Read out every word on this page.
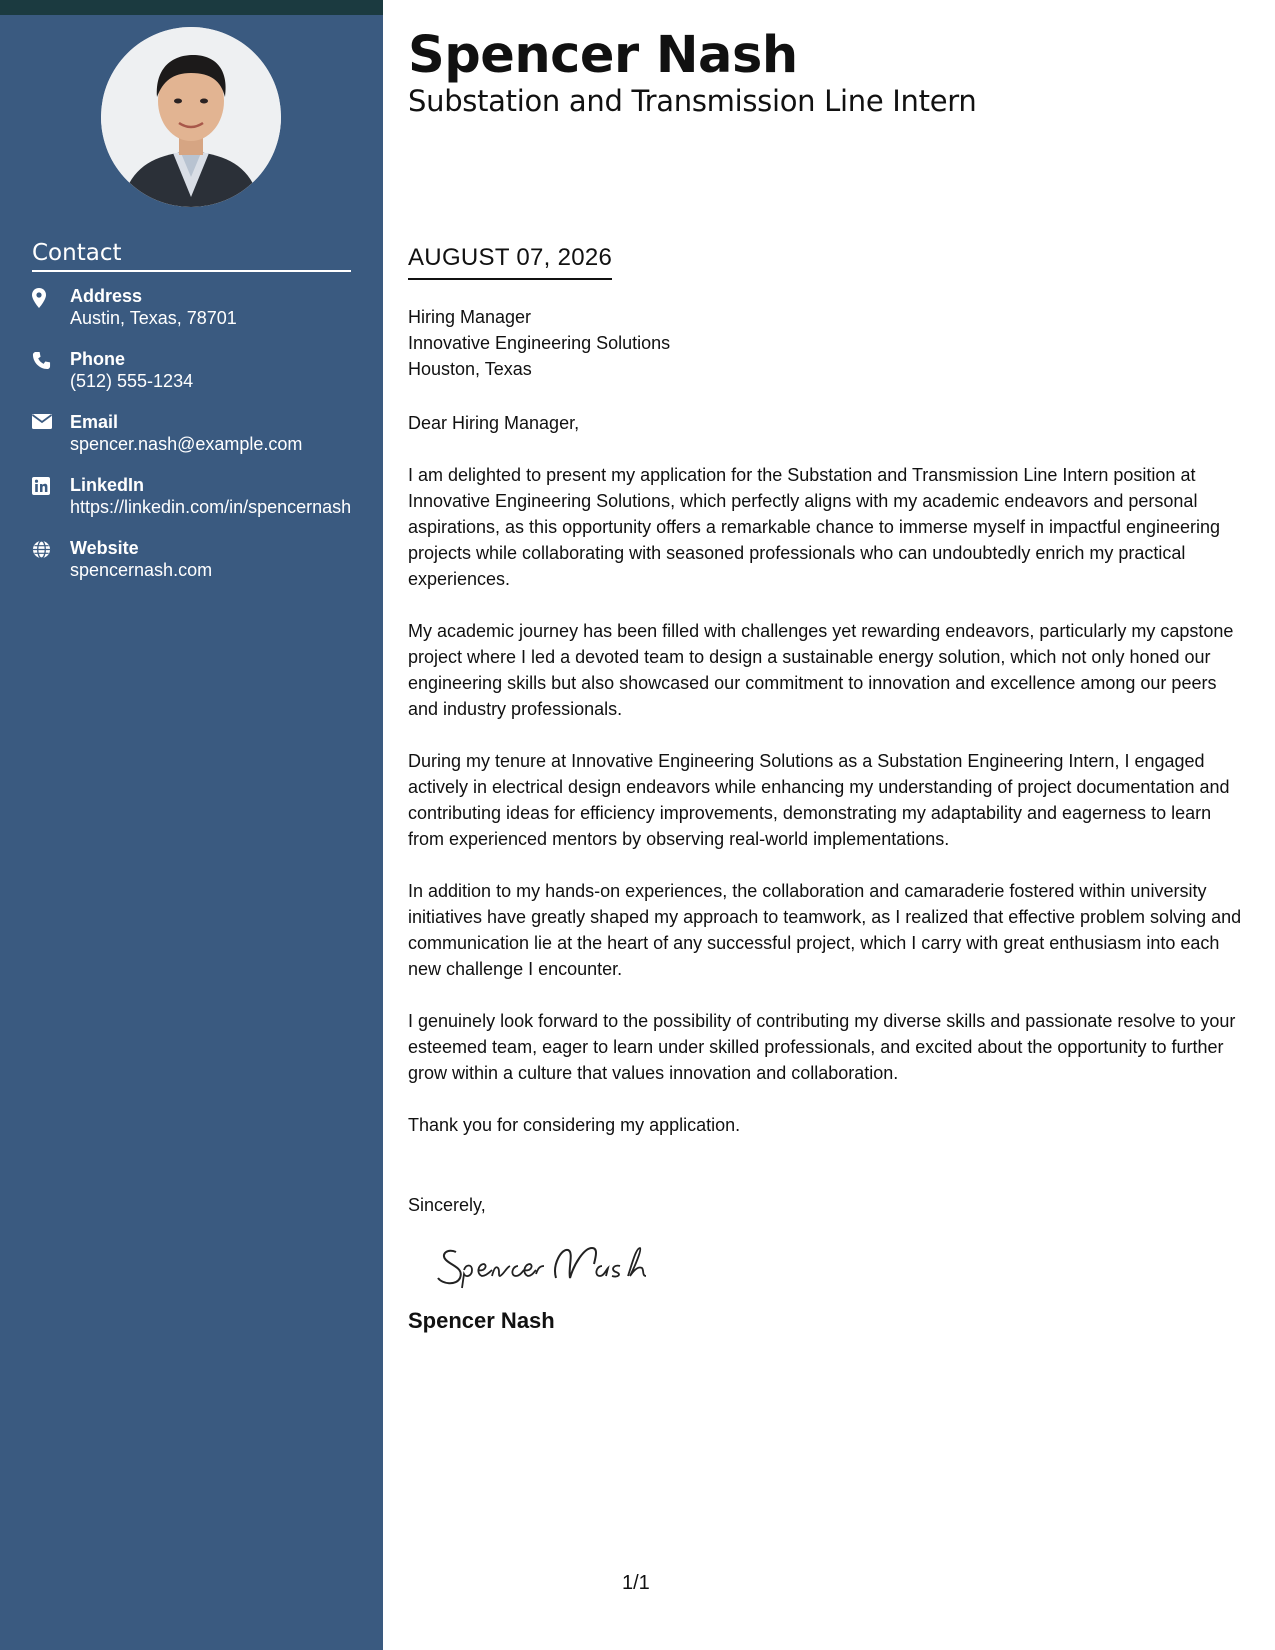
Contact
Address
Austin, Texas, 78701
Phone
(512) 555-1234
Email
spencer.nash@example.com
LinkedIn
https://linkedin.com/in/spencernash
Website
spencernash.com
Spencer Nash
Substation and Transmission Line Intern
AUGUST 07, 2026
Hiring Manager
Innovative Engineering Solutions
Houston, Texas
Dear Hiring Manager,
I am delighted to present my application for the Substation and Transmission Line Intern position at Innovative Engineering Solutions, which perfectly aligns with my academic endeavors and personal aspirations, as this opportunity offers a remarkable chance to immerse myself in impactful engineering projects while collaborating with seasoned professionals who can undoubtedly enrich my practical experiences.
My academic journey has been filled with challenges yet rewarding endeavors, particularly my capstone project where I led a devoted team to design a sustainable energy solution, which not only honed our engineering skills but also showcased our commitment to innovation and excellence among our peers and industry professionals.
During my tenure at Innovative Engineering Solutions as a Substation Engineering Intern, I engaged actively in electrical design endeavors while enhancing my understanding of project documentation and contributing ideas for efficiency improvements, demonstrating my adaptability and eagerness to learn from experienced mentors by observing real-world implementations.
In addition to my hands-on experiences, the collaboration and camaraderie fostered within university initiatives have greatly shaped my approach to teamwork, as I realized that effective problem solving and communication lie at the heart of any successful project, which I carry with great enthusiasm into each new challenge I encounter.
I genuinely look forward to the possibility of contributing my diverse skills and passionate resolve to your esteemed team, eager to learn under skilled professionals, and excited about the opportunity to further grow within a culture that values innovation and collaboration.
Thank you for considering my application.
Sincerely,
Spencer Nash
1/1
